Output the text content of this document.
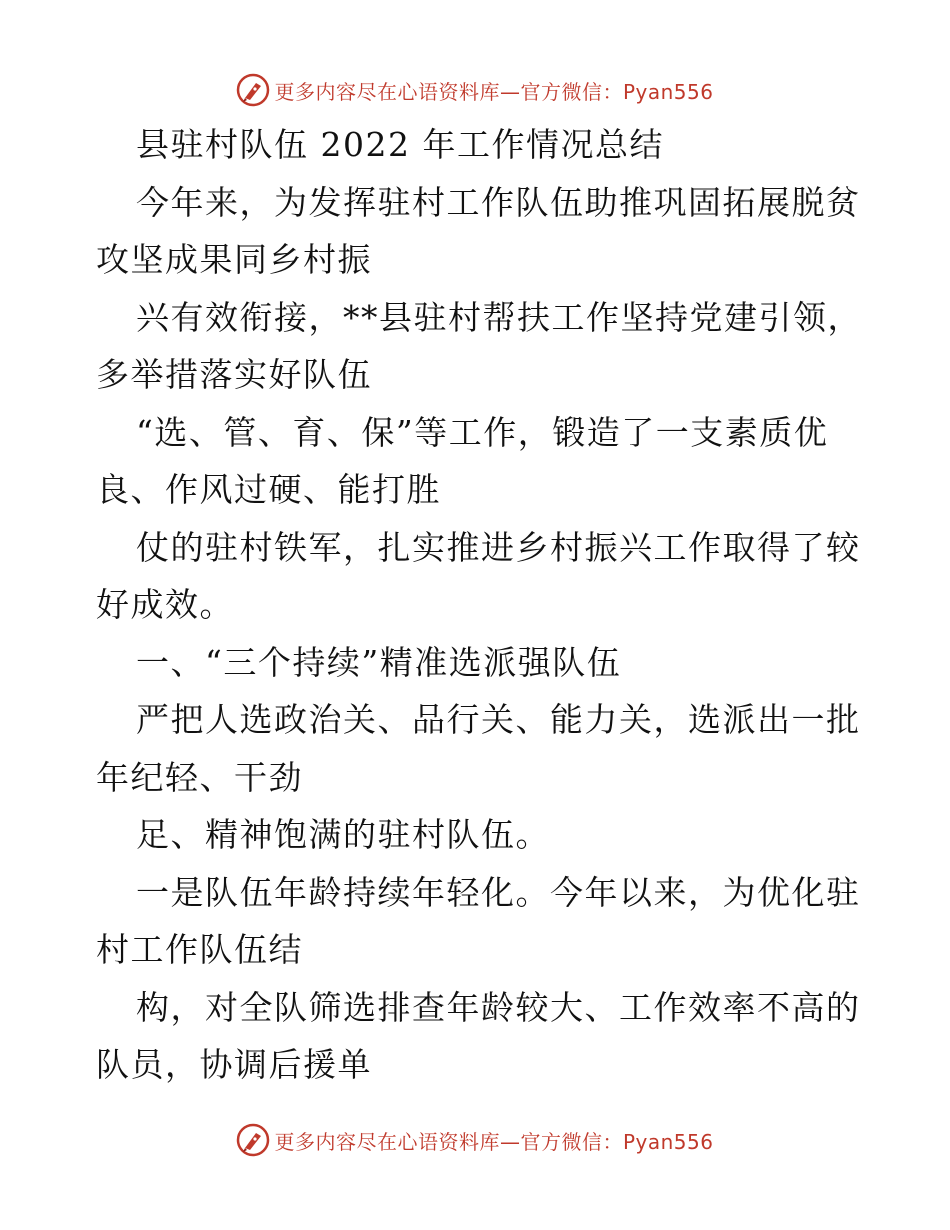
更多内容尽在心语资料库—官方微信：Pyan556
县驻村队伍 2022 年工作情况总结
今年来，为发挥驻村工作队伍助推巩固拓展脱贫
攻坚成果同乡村振
兴有效衔接，**县驻村帮扶工作坚持党建引领，
多举措落实好队伍
“选、管、育、保”等工作，锻造了一支素质优
良、作风过硬、能打胜
仗的驻村铁军，扎实推进乡村振兴工作取得了较
好成效。
一、“三个持续”精准选派强队伍
严把人选政治关、品行关、能力关，选派出一批
年纪轻、干劲
足、精神饱满的驻村队伍。
一是队伍年龄持续年轻化。今年以来，为优化驻
村工作队伍结
构，对全队筛选排查年龄较大、工作效率不高的
队员，协调后援单
更多内容尽在心语资料库—官方微信：Pyan556
